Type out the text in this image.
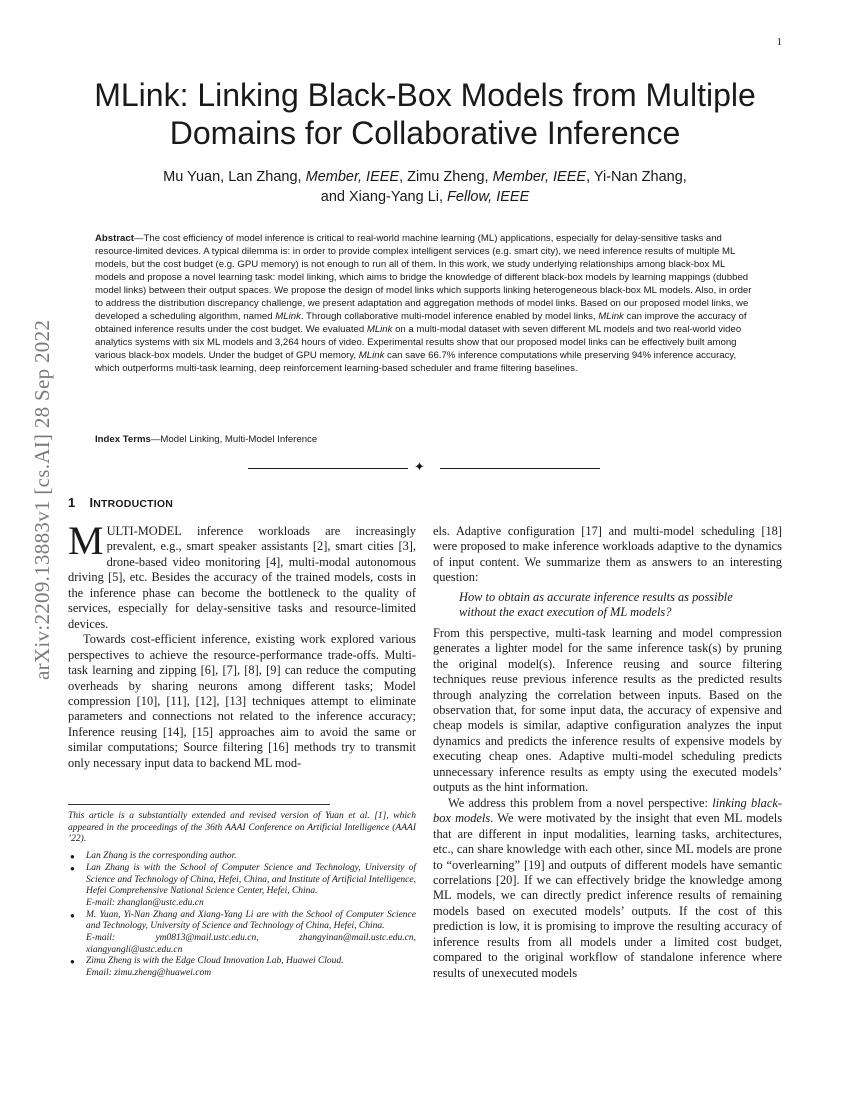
1
arXiv:2209.13883v1 [cs.AI] 28 Sep 2022
MLink: Linking Black-Box Models from Multiple
Domains for Collaborative Inference
Mu Yuan, Lan Zhang, Member, IEEE, Zimu Zheng, Member, IEEE, Yi-Nan Zhang,
and Xiang-Yang Li, Fellow, IEEE

Abstract—The cost efficiency of model inference is critical to real-world machine learning (ML) applications, especially for delay-sensitive tasks and resource-limited devices. A typical dilemma is: in order to provide complex intelligent services (e.g. smart city), we need inference results of multiple ML models, but the cost budget (e.g. GPU memory) is not enough to run all of them. In this work, we study underlying relationships among black-box ML models and propose a novel learning task: model linking, which aims to bridge the knowledge of different black-box models by learning mappings (dubbed model links) between their output spaces. We propose the design of model links which supports linking heterogeneous black-box ML models. Also, in order to address the distribution discrepancy challenge, we present adaptation and aggregation methods of model links. Based on our proposed model links, we developed a scheduling algorithm, named MLink. Through collaborative multi-model inference enabled by model links, MLink can improve the accuracy of obtained inference results under the cost budget. We evaluated MLink on a multi-modal dataset with seven different ML models and two real-world video analytics systems with six ML models and 3,264 hours of video. Experimental results show that our proposed model links can be effectively built among various black-box models. Under the budget of GPU memory, MLink can save 66.7% inference computations while preserving 94% inference accuracy, which outperforms multi-task learning, deep reinforcement learning-based scheduler and frame filtering baselines.

Index Terms—Model Linking, Multi-Model Inference

✦
1 INTRODUCTION

MULTI-MODEL inference workloads are increasingly prevalent, e.g., smart speaker assistants [2], smart cities [3], drone-based video monitoring [4], multi-modal autonomous driving [5], etc. Besides the accuracy of the trained models, costs in the inference phase can become the bottleneck to the quality of services, especially for delay-sensitive tasks and resource-limited devices.

Towards cost-efficient inference, existing work explored various perspectives to achieve the resource-performance trade-offs. Multi-task learning and zipping [6], [7], [8], [9] can reduce the computing overheads by sharing neurons among different tasks; Model compression [10], [11], [12], [13] techniques attempt to eliminate parameters and connections not related to the inference accuracy; Inference reusing [14], [15] approaches aim to avoid the same or similar computations; Source filtering [16] methods try to transmit only necessary input data to backend ML mod-

els. Adaptive configuration [17] and multi-model scheduling [18] were proposed to make inference workloads adaptive to the dynamics of input content. We summarize them as answers to an interesting question:

How to obtain as accurate inference results as possible without the exact execution of ML models?

From this perspective, multi-task learning and model compression generates a lighter model for the same inference task(s) by pruning the original model(s). Inference reusing and source filtering techniques reuse previous inference results as the predicted results through analyzing the correlation between inputs. Based on the observation that, for some input data, the accuracy of expensive and cheap models is similar, adaptive configuration analyzes the input dynamics and predicts the inference results of expensive models by executing cheap ones. Adaptive multi-model scheduling predicts unnecessary inference results as empty using the executed models’ outputs as the hint information.

We address this problem from a novel perspective: linking black-box models. We were motivated by the insight that even ML models that are different in input modalities, learning tasks, architectures, etc., can share knowledge with each other, since ML models are prone to “overlearning” [19] and outputs of different models have semantic correlations [20]. If we can effectively bridge the knowledge among ML models, we can directly predict inference results of remaining models based on executed models’ outputs. If the cost of this prediction is low, it is promising to improve the resulting accuracy of inference results from all models under a limited cost budget, compared to the original workflow of standalone inference where results of unexecuted models

This article is a substantially extended and revised version of Yuan et al. [1], which appeared in the proceedings of the 36th AAAI Conference on Artificial Intelligence (AAAI ’22).

● Lan Zhang is the corresponding author.
● Lan Zhang is with the School of Computer Science and Technology, University of Science and Technology of China, Hefei, China, and Institute of Artificial Intelligence, Hefei Comprehensive National Science Center, Hefei, China.
E-mail: zhanglan@ustc.edu.cn
● M. Yuan, Yi-Nan Zhang and Xiang-Yang Li are with the School of Computer Science and Technology, University of Science and Technology of China, Hefei, China.
E-mail: ym0813@mail.ustc.edu.cn, zhangyinan@mail.ustc.edu.cn, xiangyangli@ustc.edu.cn
● Zimu Zheng is with the Edge Cloud Innovation Lab, Huawei Cloud.
Email: zimu.zheng@huawei.com
